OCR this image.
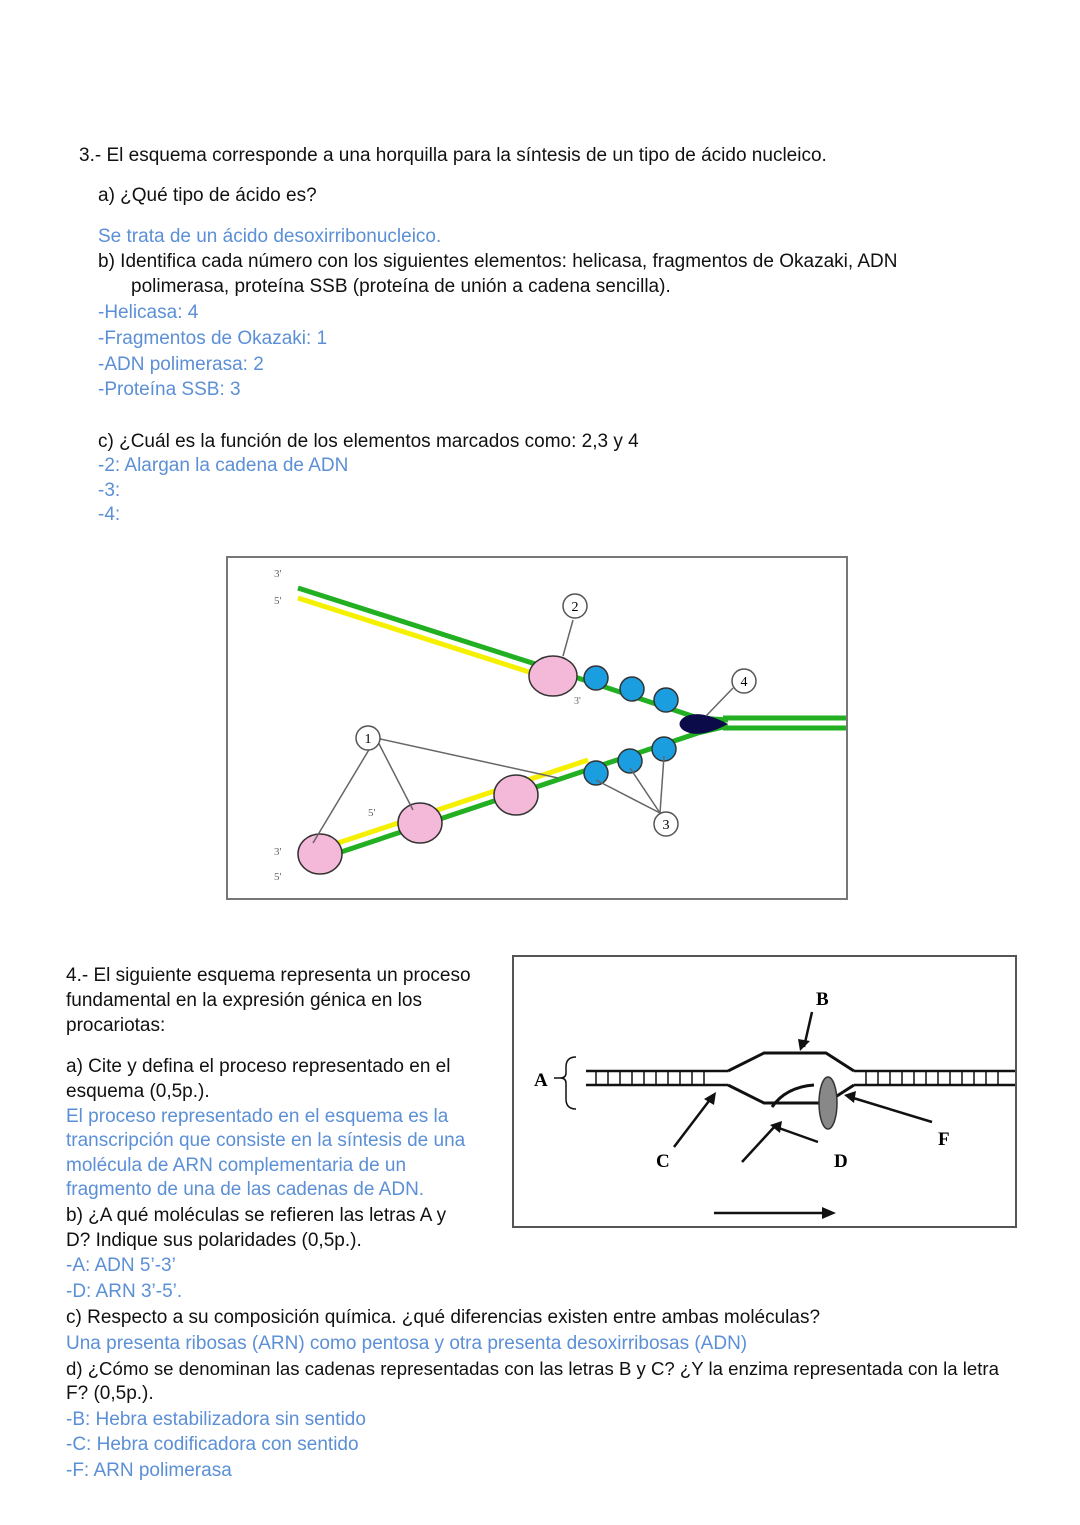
3.- El esquema corresponde a una horquilla para la síntesis de un tipo de ácido nucleico.
a) ¿Qué tipo de ácido es?
Se trata de un ácido desoxirribonucleico.
b) Identifica cada número con los siguientes elementos: helicasa, fragmentos de Okazaki, ADN
polimerasa, proteína SSB (proteína de unión a cadena sencilla).
-Helicasa: 4
-Fragmentos de Okazaki: 1
-ADN polimerasa: 2
-Proteína SSB: 3
c) ¿Cuál es la función de los elementos marcados como: 2,3 y 4
-2: Alargan la cadena de ADN
-3:
-4:
1
2
3
4
3'
5'
3'
5'
5'
3'
4.- El siguiente esquema representa un proceso
fundamental en la expresión génica en los
procariotas:
a) Cite y defina el proceso representado en el
esquema (0,5p.).
El proceso representado en el esquema es la
transcripción que consiste en la síntesis de una
molécula de ARN complementaria de un
fragmento de una de las cadenas de ADN.
b) ¿A qué moléculas se refieren las letras A y
D? Indique sus polaridades (0,5p.).
-A: ADN 5’-3’
-D: ARN 3’-5’.
c) Respecto a su composición química. ¿qué diferencias existen entre ambas moléculas?
Una presenta ribosas (ARN) como pentosa y otra presenta desoxirribosas (ADN)
d) ¿Cómo se denominan las cadenas representadas con las letras B y C? ¿Y la enzima representada con la letra
F? (0,5p.).
-B: Hebra estabilizadora sin sentido
-C: Hebra codificadora con sentido
-F: ARN polimerasa
A
B
C	D
F
